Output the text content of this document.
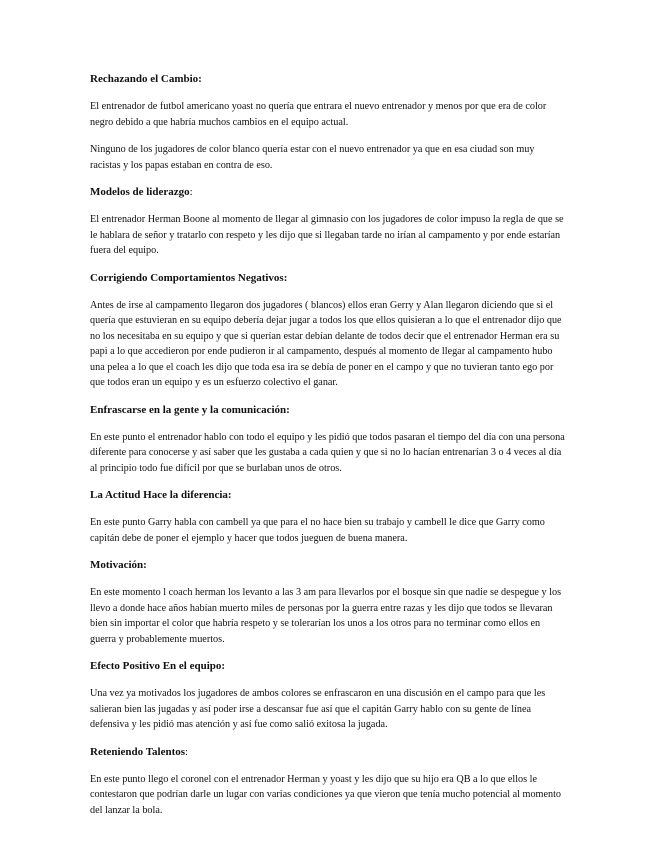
Rechazando el Cambio:

El entrenador de futbol americano yoast no quería que entrara el nuevo entrenador y menos por que era de color negro debido a que habría muchos cambios en el equipo actual.

Ninguno de los jugadores de color blanco quería estar con el nuevo entrenador ya que en esa ciudad son muy racistas y los papas estaban en contra de eso.

Modelos de liderazgo:

El entrenador Herman Boone al momento de llegar al gimnasio con los jugadores de color impuso la regla de que se le hablara de señor y tratarlo con respeto y les dijo que si llegaban tarde no irían al campamento y por ende estarían fuera del equipo.

Corrigiendo Comportamientos Negativos:

Antes de irse al campamento llegaron dos jugadores ( blancos) ellos eran Gerry y Alan llegaron diciendo que si el quería que estuvieran en su equipo debería dejar jugar a todos los que ellos quisieran a lo que el entrenador dijo que no los necesitaba en su equipo y que si querían estar debían delante de todos decir que el entrenador Herman era su papi a lo que accedieron por ende pudieron ir al campamento, después al momento de llegar al campamento hubo una pelea a lo que el coach les dijo que toda esa ira se debía de poner en el campo y que no tuvieran tanto ego por que todos eran un equipo y es un esfuerzo colectivo el ganar.

Enfrascarse en la gente y la comunicación:

En este punto el entrenador hablo con todo el equipo y les pidió que todos pasaran el tiempo del día con una persona diferente para conocerse y así saber que les gustaba a cada quien y que si no lo hacían entrenarían 3 o 4 veces al día al principio todo fue difícil por que se burlaban unos de otros.

La Actitud Hace la diferencia:

En este punto Garry habla con cambell ya que para el no hace bien su trabajo y cambell le dice que Garry como capitán debe de poner el ejemplo y hacer que todos jueguen de buena manera.

Motivación:

En este momento l coach herman los levanto a las 3 am para llevarlos por el bosque sin que nadie se despegue y los llevo a donde hace años habían muerto miles de personas por la guerra entre razas y les dijo que todos se llevaran bien sin importar el color que habría respeto y se tolerarían los unos a los otros para no terminar como ellos en guerra y probablemente muertos.

Efecto Positivo En el equipo:

Una vez ya motivados los jugadores de ambos colores se enfrascaron en una discusión en el campo para que les salieran bien las jugadas y así poder irse a descansar fue así que el capitán Garry hablo con su gente de línea defensiva y les pidió mas atención y así fue como salió exitosa la jugada.

Reteniendo Talentos:

En este punto llego el coronel con el entrenador Herman y yoast y les dijo que su hijo era QB a lo que ellos le contestaron que podrían darle un lugar con varias condiciones ya que vieron que tenía mucho potencial al momento del lanzar la bola.
